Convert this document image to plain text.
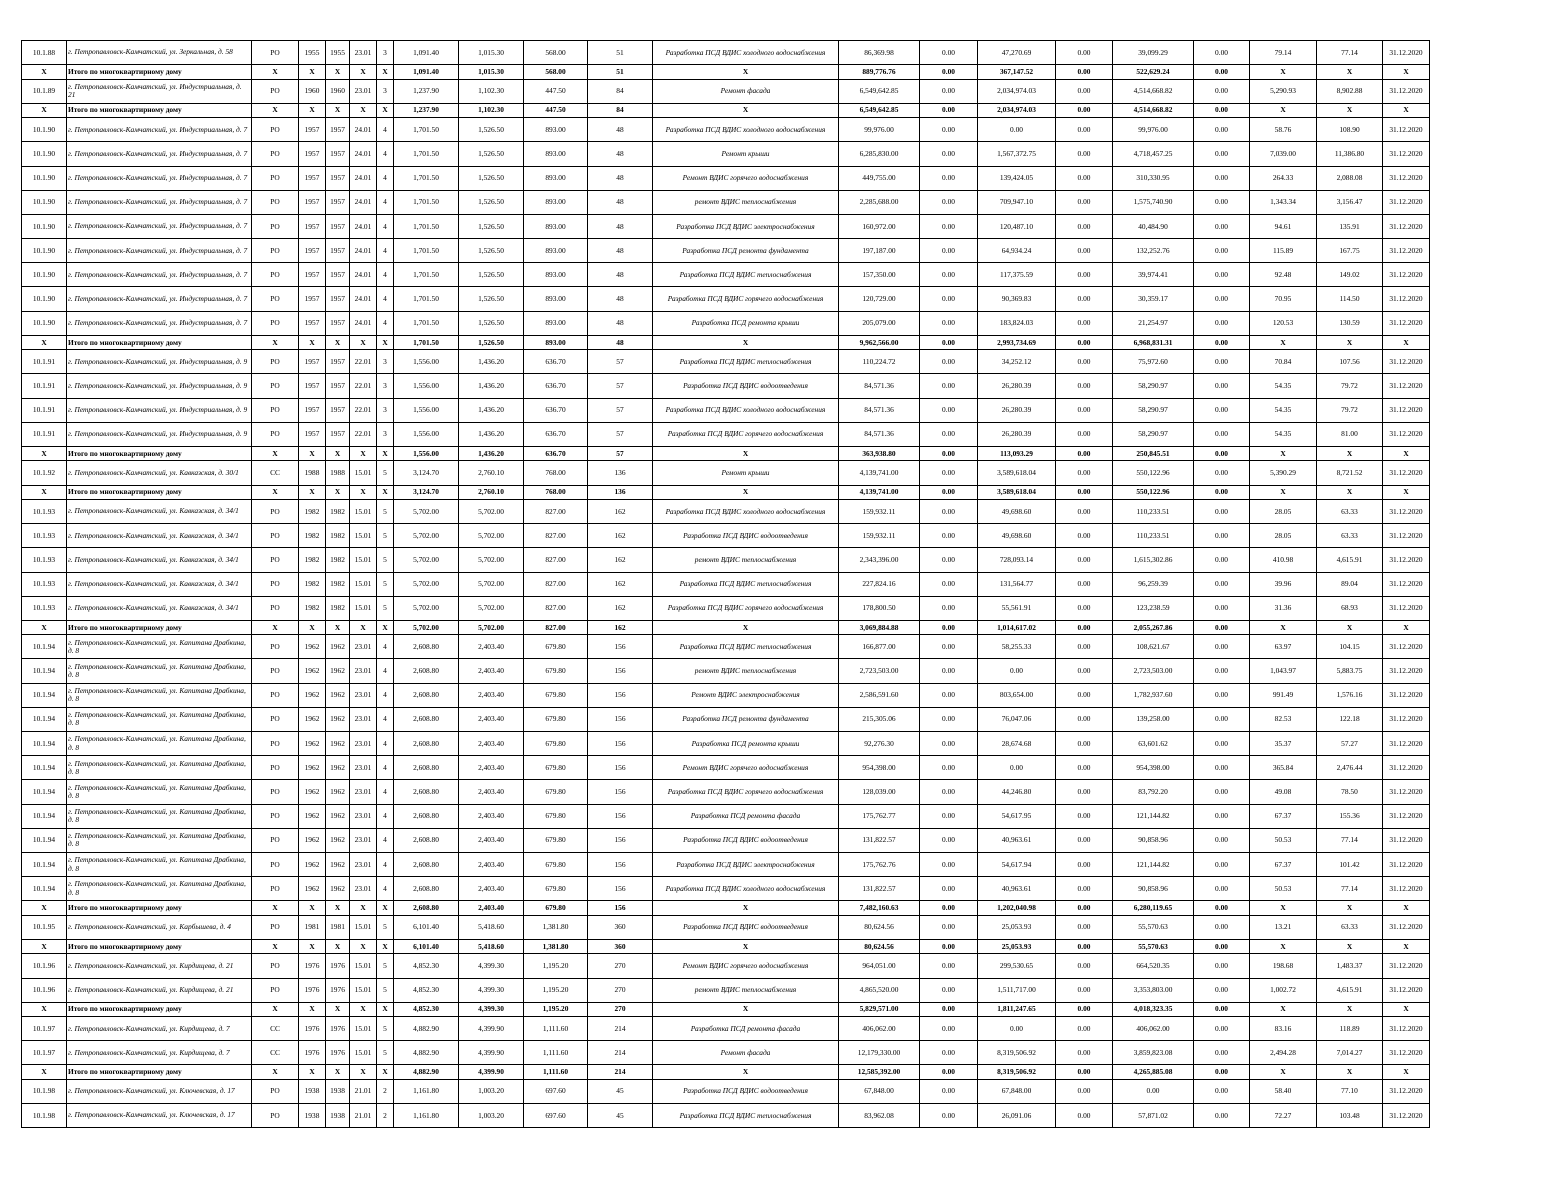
10.1.88	г. Петропавловск-Камчатский, ул. Зеркальная, д. 58	РО	1955	1955	23.01	3	1,091.40	1,015.30	568.00	51	Разработка ПСД ВДИС холодного водоснабжения	86,369.98	0.00	47,270.69	0.00	39,099.29	0.00	79.14	77.14	31.12.2020
X	Итого по многоквартирному дому	X	X	X	X	X	1,091.40	1,015.30	568.00	51	X	889,776.76	0.00	367,147.52	0.00	522,629.24	0.00	X	X	X
10.1.89	г. Петропавловск-Камчатский, ул. Индустриальная, д. 21	РО	1960	1960	23.01	3	1,237.90	1,102.30	447.50	84	Ремонт фасада	6,549,642.85	0.00	2,034,974.03	0.00	4,514,668.82	0.00	5,290.93	8,902.88	31.12.2020
X	Итого по многоквартирному дому	X	X	X	X	X	1,237.90	1,102.30	447.50	84	X	6,549,642.85	0.00	2,034,974.03	0.00	4,514,668.82	0.00	X	X	X
10.1.90	г. Петропавловск-Камчатский, ул. Индустриальная, д. 7	РО	1957	1957	24.01	4	1,701.50	1,526.50	893.00	48	Разработка ПСД ВДИС холодного водоснабжения	99,976.00	0.00	0.00	0.00	99,976.00	0.00	58.76	108.90	31.12.2020
10.1.90	г. Петропавловск-Камчатский, ул. Индустриальная, д. 7	РО	1957	1957	24.01	4	1,701.50	1,526.50	893.00	48	Ремонт крыши	6,285,830.00	0.00	1,567,372.75	0.00	4,718,457.25	0.00	7,039.00	11,386.80	31.12.2020
10.1.90	г. Петропавловск-Камчатский, ул. Индустриальная, д. 7	РО	1957	1957	24.01	4	1,701.50	1,526.50	893.00	48	Ремонт ВДИС горячего водоснабжения	449,755.00	0.00	139,424.05	0.00	310,330.95	0.00	264.33	2,088.08	31.12.2020
10.1.90	г. Петропавловск-Камчатский, ул. Индустриальная, д. 7	РО	1957	1957	24.01	4	1,701.50	1,526.50	893.00	48	ремонт ВДИС теплоснабжения	2,285,688.00	0.00	709,947.10	0.00	1,575,740.90	0.00	1,343.34	3,156.47	31.12.2020
10.1.90	г. Петропавловск-Камчатский, ул. Индустриальная, д. 7	РО	1957	1957	24.01	4	1,701.50	1,526.50	893.00	48	Разработка ПСД ВДИС электроснабжения	160,972.00	0.00	120,487.10	0.00	40,484.90	0.00	94.61	135.91	31.12.2020
10.1.90	г. Петропавловск-Камчатский, ул. Индустриальная, д. 7	РО	1957	1957	24.01	4	1,701.50	1,526.50	893.00	48	Разработка ПСД ремонта фундамента	197,187.00	0.00	64,934.24	0.00	132,252.76	0.00	115.89	167.75	31.12.2020
10.1.90	г. Петропавловск-Камчатский, ул. Индустриальная, д. 7	РО	1957	1957	24.01	4	1,701.50	1,526.50	893.00	48	Разработка ПСД ВДИС теплоснабжения	157,350.00	0.00	117,375.59	0.00	39,974.41	0.00	92.48	149.02	31.12.2020
10.1.90	г. Петропавловск-Камчатский, ул. Индустриальная, д. 7	РО	1957	1957	24.01	4	1,701.50	1,526.50	893.00	48	Разработка ПСД ВДИС горячего водоснабжения	120,729.00	0.00	90,369.83	0.00	30,359.17	0.00	70.95	114.50	31.12.2020
10.1.90	г. Петропавловск-Камчатский, ул. Индустриальная, д. 7	РО	1957	1957	24.01	4	1,701.50	1,526.50	893.00	48	Разработка ПСД ремонта крыши	205,079.00	0.00	183,824.03	0.00	21,254.97	0.00	120.53	130.59	31.12.2020
X	Итого по многоквартирному дому	X	X	X	X	X	1,701.50	1,526.50	893.00	48	X	9,962,566.00	0.00	2,993,734.69	0.00	6,968,831.31	0.00	X	X	X
10.1.91	г. Петропавловск-Камчатский, ул. Индустриальная, д. 9	РО	1957	1957	22.01	3	1,556.00	1,436.20	636.70	57	Разработка ПСД ВДИС теплоснабжения	110,224.72	0.00	34,252.12	0.00	75,972.60	0.00	70.84	107.56	31.12.2020
10.1.91	г. Петропавловск-Камчатский, ул. Индустриальная, д. 9	РО	1957	1957	22.01	3	1,556.00	1,436.20	636.70	57	Разработка ПСД ВДИС водоотведения	84,571.36	0.00	26,280.39	0.00	58,290.97	0.00	54.35	79.72	31.12.2020
10.1.91	г. Петропавловск-Камчатский, ул. Индустриальная, д. 9	РО	1957	1957	22.01	3	1,556.00	1,436.20	636.70	57	Разработка ПСД ВДИС холодного водоснабжения	84,571.36	0.00	26,280.39	0.00	58,290.97	0.00	54.35	79.72	31.12.2020
10.1.91	г. Петропавловск-Камчатский, ул. Индустриальная, д. 9	РО	1957	1957	22.01	3	1,556.00	1,436.20	636.70	57	Разработка ПСД ВДИС горячего водоснабжения	84,571.36	0.00	26,280.39	0.00	58,290.97	0.00	54.35	81.00	31.12.2020
X	Итого по многоквартирному дому	X	X	X	X	X	1,556.00	1,436.20	636.70	57	X	363,938.80	0.00	113,093.29	0.00	250,845.51	0.00	X	X	X
10.1.92	г. Петропавловск-Камчатский, ул. Кавказская, д. 30/1	СС	1988	1988	15.01	5	3,124.70	2,760.10	768.00	136	Ремонт крыши	4,139,741.00	0.00	3,589,618.04	0.00	550,122.96	0.00	5,390.29	8,721.52	31.12.2020
X	Итого по многоквартирному дому	X	X	X	X	X	3,124.70	2,760.10	768.00	136	X	4,139,741.00	0.00	3,589,618.04	0.00	550,122.96	0.00	X	X	X
10.1.93	г. Петропавловск-Камчатский, ул. Кавказская, д. 34/1	РО	1982	1982	15.01	5	5,702.00	5,702.00	827.00	162	Разработка ПСД ВДИС холодного водоснабжения	159,932.11	0.00	49,698.60	0.00	110,233.51	0.00	28.05	63.33	31.12.2020
10.1.93	г. Петропавловск-Камчатский, ул. Кавказская, д. 34/1	РО	1982	1982	15.01	5	5,702.00	5,702.00	827.00	162	Разработка ПСД ВДИС водоотведения	159,932.11	0.00	49,698.60	0.00	110,233.51	0.00	28.05	63.33	31.12.2020
10.1.93	г. Петропавловск-Камчатский, ул. Кавказская, д. 34/1	РО	1982	1982	15.01	5	5,702.00	5,702.00	827.00	162	ремонт ВДИС теплоснабжения	2,343,396.00	0.00	728,093.14	0.00	1,615,302.86	0.00	410.98	4,615.91	31.12.2020
10.1.93	г. Петропавловск-Камчатский, ул. Кавказская, д. 34/1	РО	1982	1982	15.01	5	5,702.00	5,702.00	827.00	162	Разработка ПСД ВДИС теплоснабжения	227,824.16	0.00	131,564.77	0.00	96,259.39	0.00	39.96	89.04	31.12.2020
10.1.93	г. Петропавловск-Камчатский, ул. Кавказская, д. 34/1	РО	1982	1982	15.01	5	5,702.00	5,702.00	827.00	162	Разработка ПСД ВДИС горячего водоснабжения	178,800.50	0.00	55,561.91	0.00	123,238.59	0.00	31.36	68.93	31.12.2020
X	Итого по многоквартирному дому	X	X	X	X	X	5,702.00	5,702.00	827.00	162	X	3,069,884.88	0.00	1,014,617.02	0.00	2,055,267.86	0.00	X	X	X
10.1.94	г. Петропавловск-Камчатский, ул. Капитана Драбкина, д. 8	РО	1962	1962	23.01	4	2,608.80	2,403.40	679.80	156	Разработка ПСД ВДИС теплоснабжения	166,877.00	0.00	58,255.33	0.00	108,621.67	0.00	63.97	104.15	31.12.2020
10.1.94	г. Петропавловск-Камчатский, ул. Капитана Драбкина, д. 8	РО	1962	1962	23.01	4	2,608.80	2,403.40	679.80	156	ремонт ВДИС теплоснабжения	2,723,503.00	0.00	0.00	0.00	2,723,503.00	0.00	1,043.97	5,883.75	31.12.2020
10.1.94	г. Петропавловск-Камчатский, ул. Капитана Драбкина, д. 8	РО	1962	1962	23.01	4	2,608.80	2,403.40	679.80	156	Ремонт ВДИС электроснабжения	2,586,591.60	0.00	803,654.00	0.00	1,782,937.60	0.00	991.49	1,576.16	31.12.2020
10.1.94	г. Петропавловск-Камчатский, ул. Капитана Драбкина, д. 8	РО	1962	1962	23.01	4	2,608.80	2,403.40	679.80	156	Разработка ПСД ремонта фундамента	215,305.06	0.00	76,047.06	0.00	139,258.00	0.00	82.53	122.18	31.12.2020
10.1.94	г. Петропавловск-Камчатский, ул. Капитана Драбкина, д. 8	РО	1962	1962	23.01	4	2,608.80	2,403.40	679.80	156	Разработка ПСД ремонта крыши	92,276.30	0.00	28,674.68	0.00	63,601.62	0.00	35.37	57.27	31.12.2020
10.1.94	г. Петропавловск-Камчатский, ул. Капитана Драбкина, д. 8	РО	1962	1962	23.01	4	2,608.80	2,403.40	679.80	156	Ремонт ВДИС горячего водоснабжения	954,398.00	0.00	0.00	0.00	954,398.00	0.00	365.84	2,476.44	31.12.2020
10.1.94	г. Петропавловск-Камчатский, ул. Капитана Драбкина, д. 8	РО	1962	1962	23.01	4	2,608.80	2,403.40	679.80	156	Разработка ПСД ВДИС горячего водоснабжения	128,039.00	0.00	44,246.80	0.00	83,792.20	0.00	49.08	78.50	31.12.2020
10.1.94	г. Петропавловск-Камчатский, ул. Капитана Драбкина, д. 8	РО	1962	1962	23.01	4	2,608.80	2,403.40	679.80	156	Разработка ПСД ремонта фасада	175,762.77	0.00	54,617.95	0.00	121,144.82	0.00	67.37	155.36	31.12.2020
10.1.94	г. Петропавловск-Камчатский, ул. Капитана Драбкина, д. 8	РО	1962	1962	23.01	4	2,608.80	2,403.40	679.80	156	Разработка ПСД ВДИС водоотведения	131,822.57	0.00	40,963.61	0.00	90,858.96	0.00	50.53	77.14	31.12.2020
10.1.94	г. Петропавловск-Камчатский, ул. Капитана Драбкина, д. 8	РО	1962	1962	23.01	4	2,608.80	2,403.40	679.80	156	Разработка ПСД ВДИС электроснабжения	175,762.76	0.00	54,617.94	0.00	121,144.82	0.00	67.37	101.42	31.12.2020
10.1.94	г. Петропавловск-Камчатский, ул. Капитана Драбкина, д. 8	РО	1962	1962	23.01	4	2,608.80	2,403.40	679.80	156	Разработка ПСД ВДИС холодного водоснабжения	131,822.57	0.00	40,963.61	0.00	90,858.96	0.00	50.53	77.14	31.12.2020
X	Итого по многоквартирному дому	X	X	X	X	X	2,608.80	2,403.40	679.80	156	X	7,482,160.63	0.00	1,202,040.98	0.00	6,280,119.65	0.00	X	X	X
10.1.95	г. Петропавловск-Камчатский, ул. Карбышева, д. 4	РО	1981	1981	15.01	5	6,101.40	5,418.60	1,381.80	360	Разработка ПСД ВДИС водоотведения	80,624.56	0.00	25,053.93	0.00	55,570.63	0.00	13.21	63.33	31.12.2020
X	Итого по многоквартирному дому	X	X	X	X	X	6,101.40	5,418.60	1,381.80	360	X	80,624.56	0.00	25,053.93	0.00	55,570.63	0.00	X	X	X
10.1.96	г. Петропавловск-Камчатский, ул. Кирдищева, д. 21	РО	1976	1976	15.01	5	4,852.30	4,399.30	1,195.20	270	Ремонт ВДИС горячего водоснабжения	964,051.00	0.00	299,530.65	0.00	664,520.35	0.00	198.68	1,483.37	31.12.2020
10.1.96	г. Петропавловск-Камчатский, ул. Кирдищева, д. 21	РО	1976	1976	15.01	5	4,852.30	4,399.30	1,195.20	270	ремонт ВДИС теплоснабжения	4,865,520.00	0.00	1,511,717.00	0.00	3,353,803.00	0.00	1,002.72	4,615.91	31.12.2020
X	Итого по многоквартирному дому	X	X	X	X	X	4,852.30	4,399.30	1,195.20	270	X	5,829,571.00	0.00	1,811,247.65	0.00	4,018,323.35	0.00	X	X	X
10.1.97	г. Петропавловск-Камчатский, ул. Кирдищева, д. 7	СС	1976	1976	15.01	5	4,882.90	4,399.90	1,111.60	214	Разработка ПСД ремонта фасада	406,062.00	0.00	0.00	0.00	406,062.00	0.00	83.16	118.89	31.12.2020
10.1.97	г. Петропавловск-Камчатский, ул. Кирдищева, д. 7	СС	1976	1976	15.01	5	4,882.90	4,399.90	1,111.60	214	Ремонт фасада	12,179,330.00	0.00	8,319,506.92	0.00	3,859,823.08	0.00	2,494.28	7,014.27	31.12.2020
X	Итого по многоквартирному дому	X	X	X	X	X	4,882.90	4,399.90	1,111.60	214	X	12,585,392.00	0.00	8,319,506.92	0.00	4,265,885.08	0.00	X	X	X
10.1.98	г. Петропавловск-Камчатский, ул. Ключевская, д. 17	РО	1938	1938	21.01	2	1,161.80	1,003.20	697.60	45	Разработка ПСД ВДИС водоотведения	67,848.00	0.00	67,848.00	0.00	0.00	0.00	58.40	77.10	31.12.2020
10.1.98	г. Петропавловск-Камчатский, ул. Ключевская, д. 17	РО	1938	1938	21.01	2	1,161.80	1,003.20	697.60	45	Разработка ПСД ВДИС теплоснабжения	83,962.08	0.00	26,091.06	0.00	57,871.02	0.00	72.27	103.48	31.12.2020
